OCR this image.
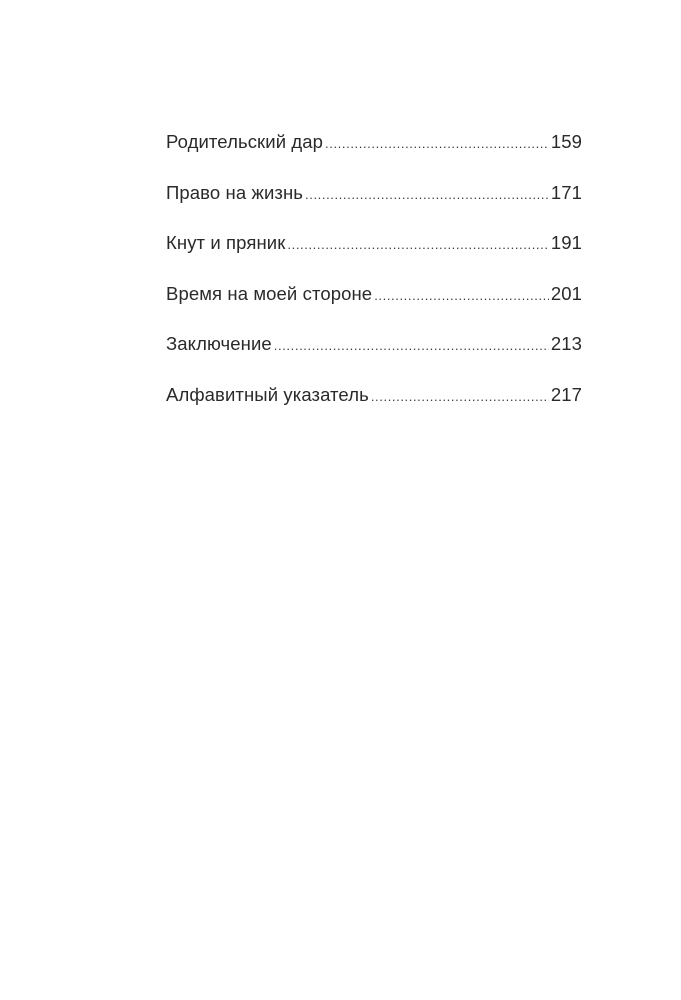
Родительский дар .....	159
Право на жизнь .....	171
Кнут и пряник .....	191
Время на моей стороне .....	201
Заключение .....	213
Алфавитный указатель .....	217
